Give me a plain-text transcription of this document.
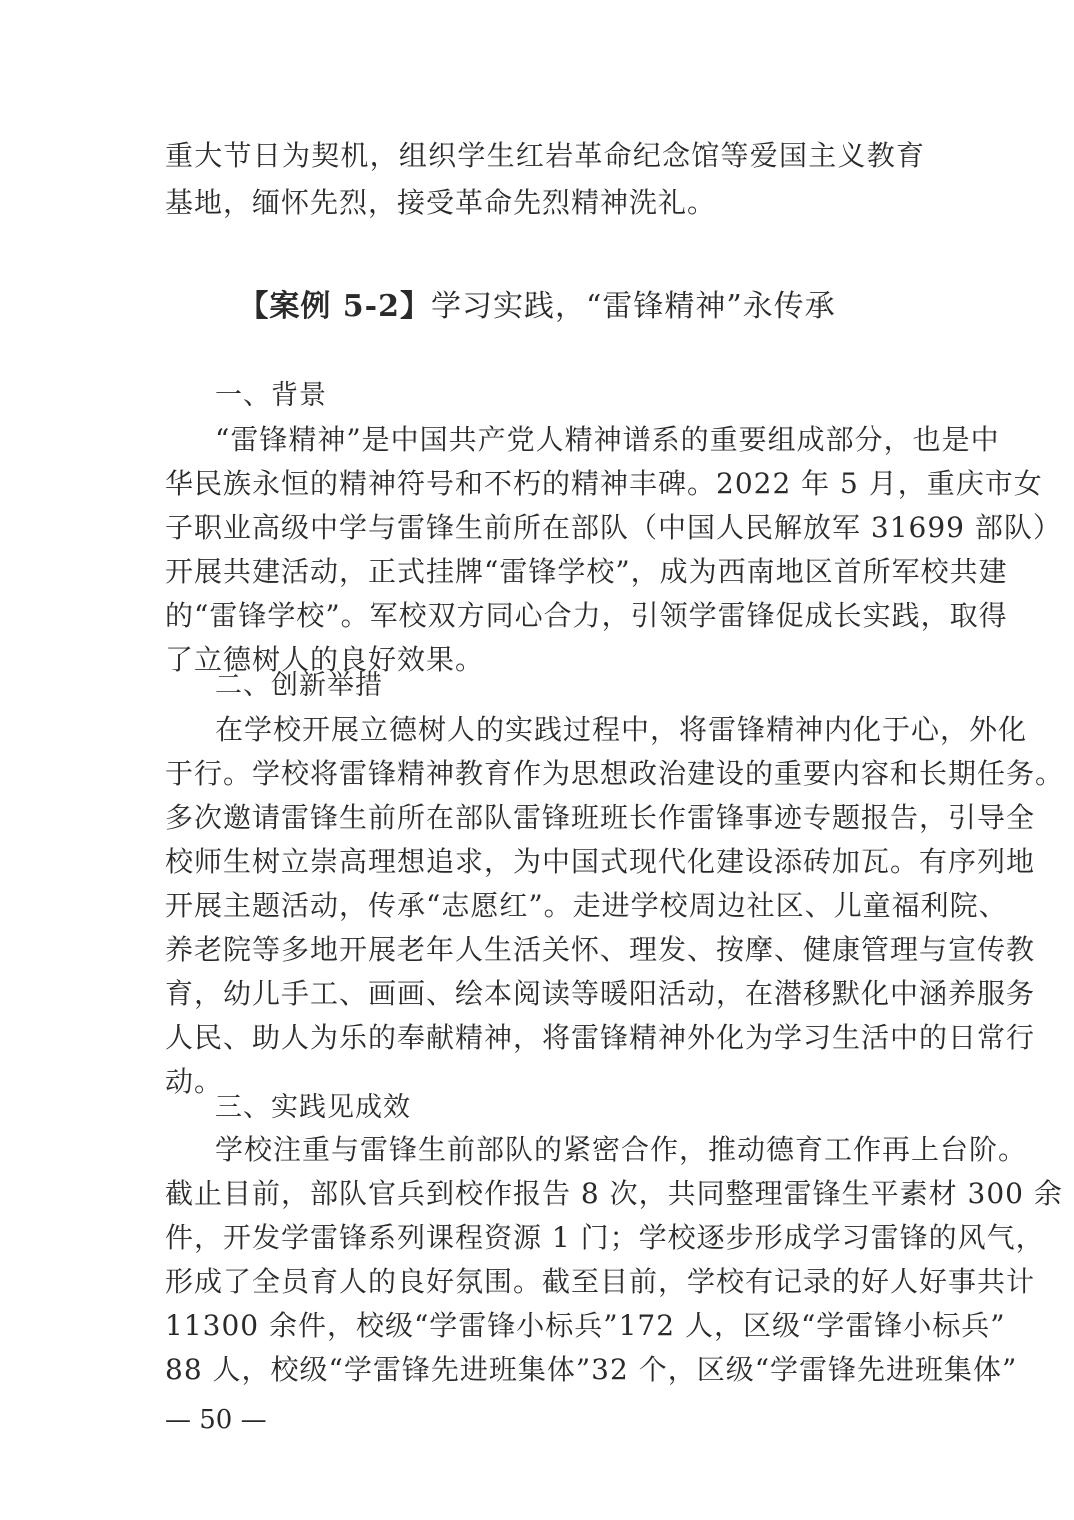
重大节日为契机，组织学生红岩革命纪念馆等爱国主义教育
基地，缅怀先烈，接受革命先烈精神洗礼。
【案例 5-2】学习实践，“雷锋精神”永传承
一、背景
“雷锋精神”是中国共产党人精神谱系的重要组成部分，也是中
华民族永恒的精神符号和不朽的精神丰碑。2022 年 5 月，重庆市女
子职业高级中学与雷锋生前所在部队（中国人民解放军 31699 部队）
开展共建活动，正式挂牌“雷锋学校”，成为西南地区首所军校共建
的“雷锋学校”。军校双方同心合力，引领学雷锋促成长实践，取得
了立德树人的良好效果。
二、创新举措
在学校开展立德树人的实践过程中，将雷锋精神内化于心，外化
于行。学校将雷锋精神教育作为思想政治建设的重要内容和长期任务。
多次邀请雷锋生前所在部队雷锋班班长作雷锋事迹专题报告，引导全
校师生树立崇高理想追求，为中国式现代化建设添砖加瓦。有序列地
开展主题活动，传承“志愿红”。走进学校周边社区、儿童福利院、
养老院等多地开展老年人生活关怀、理发、按摩、健康管理与宣传教
育，幼儿手工、画画、绘本阅读等暖阳活动，在潜移默化中涵养服务
人民、助人为乐的奉献精神，将雷锋精神外化为学习生活中的日常行
动。
三、实践见成效
学校注重与雷锋生前部队的紧密合作，推动德育工作再上台阶。
截止目前，部队官兵到校作报告 8 次，共同整理雷锋生平素材 300 余
件，开发学雷锋系列课程资源 1 门；学校逐步形成学习雷锋的风气，
形成了全员育人的良好氛围。截至目前，学校有记录的好人好事共计
11300 余件，校级“学雷锋小标兵”172 人，区级“学雷锋小标兵”
88 人，校级“学雷锋先进班集体”32 个，区级“学雷锋先进班集体”
— 50 —
